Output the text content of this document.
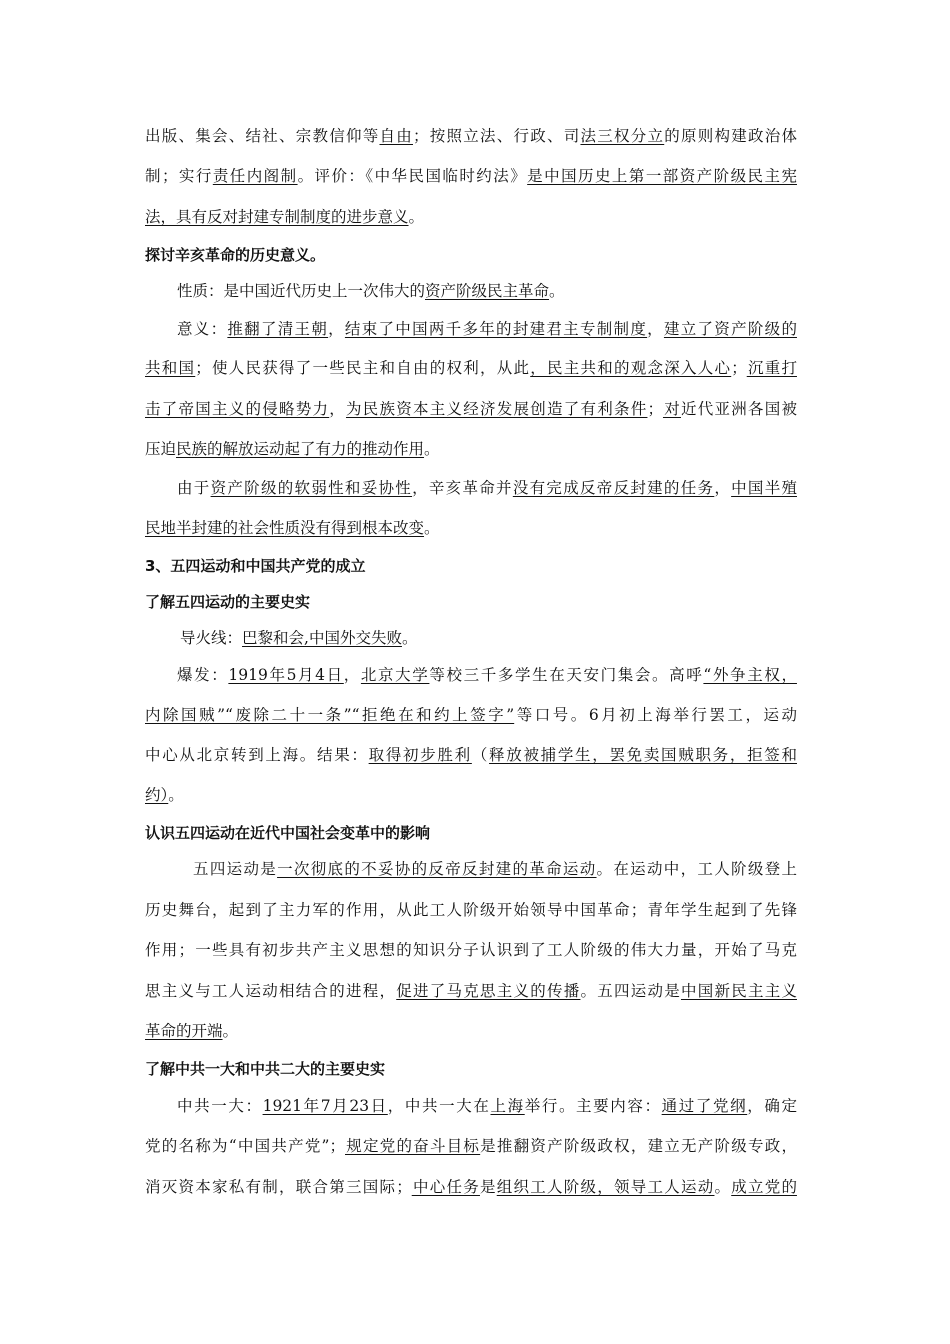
出版、集会、结社、宗教信仰等自由；按照立法、行政、司法三权分立的原则构建政治体
制；实行责任内阁制。评价：《中华民国临时约法》是中国历史上第一部资产阶级民主宪
法，具有反对封建专制制度的进步意义。
探讨辛亥革命的历史意义。
性质：是中国近代历史上一次伟大的资产阶级民主革命。
意义：推翻了清王朝，结束了中国两千多年的封建君主专制制度，建立了资产阶级的
共和国；使人民获得了一些民主和自由的权利，从此，民主共和的观念深入人心；沉重打
击了帝国主义的侵略势力，为民族资本主义经济发展创造了有利条件；对近代亚洲各国被
压迫民族的解放运动起了有力的推动作用。
由于资产阶级的软弱性和妥协性，辛亥革命并没有完成反帝反封建的任务，中国半殖
民地半封建的社会性质没有得到根本改变。
3、五四运动和中国共产党的成立
了解五四运动的主要史实
导火线：巴黎和会,中国外交失败。
爆发：1919年5月4日，北京大学等校三千多学生在天安门集会。高呼“外争主权，
内除国贼”“废除二十一条”“拒绝在和约上签字”等口号。6月初上海举行罢工，运动
中心从北京转到上海。结果：取得初步胜利（释放被捕学生，罢免卖国贼职务，拒签和
约）。
认识五四运动在近代中国社会变革中的影响
五四运动是一次彻底的不妥协的反帝反封建的革命运动。在运动中，工人阶级登上
历史舞台，起到了主力军的作用，从此工人阶级开始领导中国革命；青年学生起到了先锋
作用；一些具有初步共产主义思想的知识分子认识到了工人阶级的伟大力量，开始了马克
思主义与工人运动相结合的进程，促进了马克思主义的传播。五四运动是中国新民主主义
革命的开端。
了解中共一大和中共二大的主要史实
中共一大：1921年7月23日，中共一大在上海举行。主要内容：通过了党纲，确定
党的名称为“中国共产党”；规定党的奋斗目标是推翻资产阶级政权，建立无产阶级专政，
消灭资本家私有制，联合第三国际；中心任务是组织工人阶级，领导工人运动。成立党的
